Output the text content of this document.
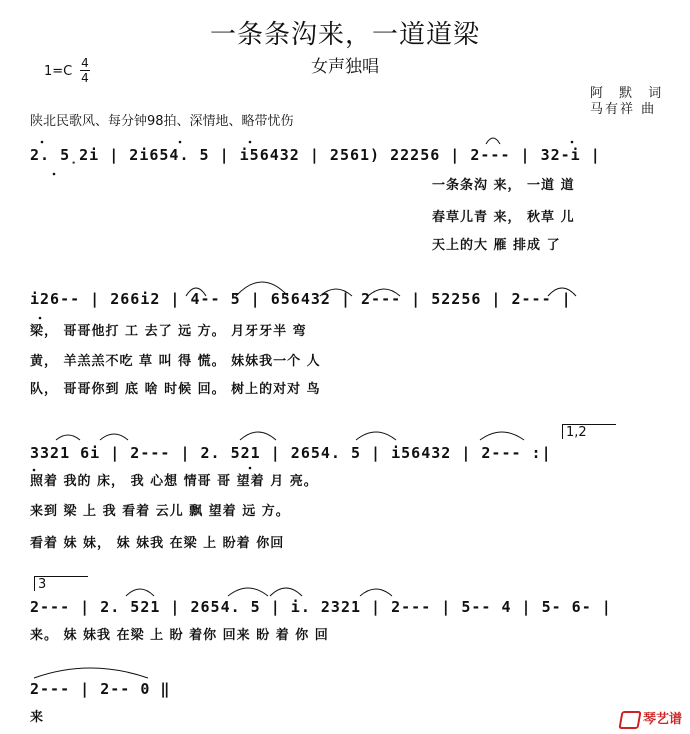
一条条沟来，一道道梁
女声独唱
1=C
4
4
阿 默 词
马有祥 曲
陕北民歌风、每分钟98拍、深情地、略带忧伤
2. 5̣2i | 2i654. 5 | i56432 | 2561) 22256 | 2--- | 32-i |
一条条沟 来， 一道 道
春草儿青 来， 秋草 儿
天上的大 雁 排成 了
i26-- | 266i2 | 4-- 5 | 656432 | 2--- | 52256 | 2--- |
梁， 哥哥他打 工 去了 远 方。 月牙牙半 弯
黄， 羊羔羔不吃 草 叫 得 慌。 妹妹我一个 人
队， 哥哥你到 底 啥 时候 回。 树上的对对 鸟
1,2
3321 6i | 2--- | 2. 521 | 2654. 5 | i56432 | 2--- :|
照着 我的 床， 我 心想 情哥 哥 望着 月 亮。
来到 梁 上 我 看着 云儿 飘 望着 远 方。
看着 妹 妹， 妹 妹我 在梁 上 盼着 你回
3
2--- | 2. 521 | 2654. 5 | i. 2321 | 2--- | 5-- 4 | 5- 6- |
来。 妹 妹我 在梁 上 盼 着你 回来 盼 着 你 回
2--- | 2-- 0 ‖
来	琴艺谱
